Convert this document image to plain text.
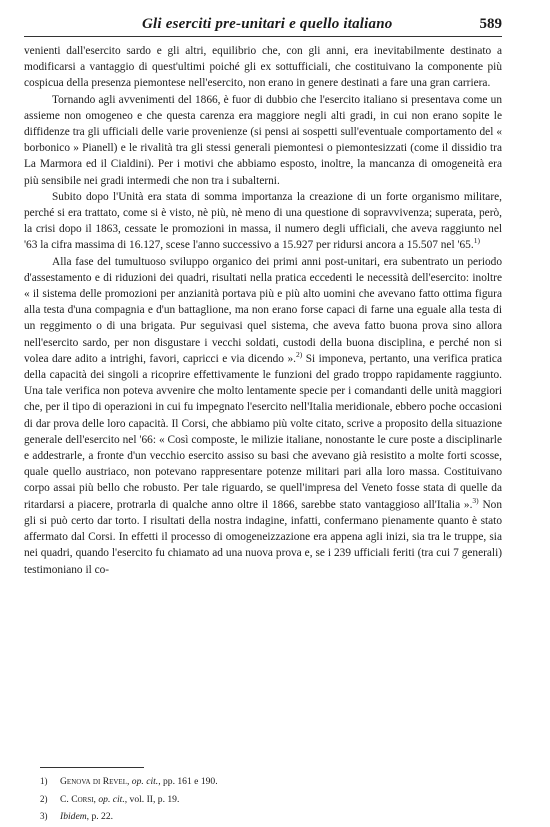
Gli eserciti pre-unitari e quello italiano	589

venienti dall'esercito sardo e gli altri, equilibrio che, con gli anni, era inevitabilmente destinato a modificarsi a vantaggio di quest'ultimi poiché gli ex sottufficiali, che costituivano la componente più cospicua della presenza piemontese nell'esercito, non erano in genere destinati a fare una gran carriera.

Tornando agli avvenimenti del 1866, è fuor di dubbio che l'esercito italiano si presentava come un assieme non omogeneo e che questa carenza era maggiore negli alti gradi, in cui non erano sopite le diffidenze tra gli ufficiali delle varie provenienze (si pensi ai sospetti sull'eventuale comportamento del « borbonico » Pianell) e le rivalità tra gli stessi generali piemontesi o piemontesizzati (come il dissidio tra La Marmora ed il Cialdini). Per i motivi che abbiamo esposto, inoltre, la mancanza di omogeneità era più sensibile nei gradi intermedi che non tra i subalterni.

Subito dopo l'Unità era stata di somma importanza la creazione di un forte organismo militare, perché si era trattato, come si è visto, nè più, nè meno di una questione di sopravvivenza; superata, però, la crisi dopo il 1863, cessate le promozioni in massa, il numero degli ufficiali, che aveva raggiunto nel '63 la cifra massima di 16.127, scese l'anno successivo a 15.927 per ridursi ancora a 15.507 nel '65.$^{1)}$

Alla fase del tumultuoso sviluppo organico dei primi anni post-unitari, era subentrato un periodo d'assestamento e di riduzioni dei quadri, risultati nella pratica eccedenti le necessità dell'esercito: inoltre « il sistema delle promozioni per anzianità portava più e più alto uomini che avevano fatto ottima figura alla testa d'una compagnia e d'un battaglione, ma non erano forse capaci di farne una eguale alla testa di un reggimento o di una brigata. Pur seguivasi quel sistema, che aveva fatto buona prova sino allora nell'esercito sardo, per non disgustare i vecchi soldati, custodi della buona disciplina, e perché non si volea dare adito a intrighi, favori, capricci e via dicendo ».$^{2)}$ Si imponeva, pertanto, una verifica pratica della capacità dei singoli a ricoprire effettivamente le funzioni del grado troppo rapidamente raggiunto. Una tale verifica non poteva avvenire che molto lentamente specie per i comandanti delle unità maggiori che, per il tipo di operazioni in cui fu impegnato l'esercito nell'Italia meridionale, ebbero poche occasioni di dar prova delle loro capacità. Il Corsi, che abbiamo più volte citato, scrive a proposito della situazione generale dell'esercito nel '66: « Così composte, le milizie italiane, nonostante le cure poste a disciplinarle e addestrarle, a fronte d'un vecchio esercito assiso su basi che avevano già resistito a molte forti scosse, quale quello austriaco, non potevano rappresentare potenze militari pari alla loro massa. Costituivano corpo assai più bello che robusto. Per tale riguardo, se quell'impresa del Veneto fosse stata di quelle da ritardarsi a piacere, protrarla di qualche anno oltre il 1866, sarebbe stato vantaggioso all'Italia ».$^{3)}$ Non gli si può certo dar torto. I risultati della nostra indagine, infatti, confermano pienamente quanto è stato affermato dal Corsi. In effetti il processo di omogeneizzazione era appena agli inizi, sia tra le truppe, sia nei quadri, quando l'esercito fu chiamato ad una nuova prova e, se i 239 ufficiali feriti (tra cui 7 generali) testimoniano il co-

1) Genova di Revel, op. cit., pp. 161 e 190.
2) C. Corsi, op. cit., vol. II, p. 19.
3) Ibidem, p. 22.
